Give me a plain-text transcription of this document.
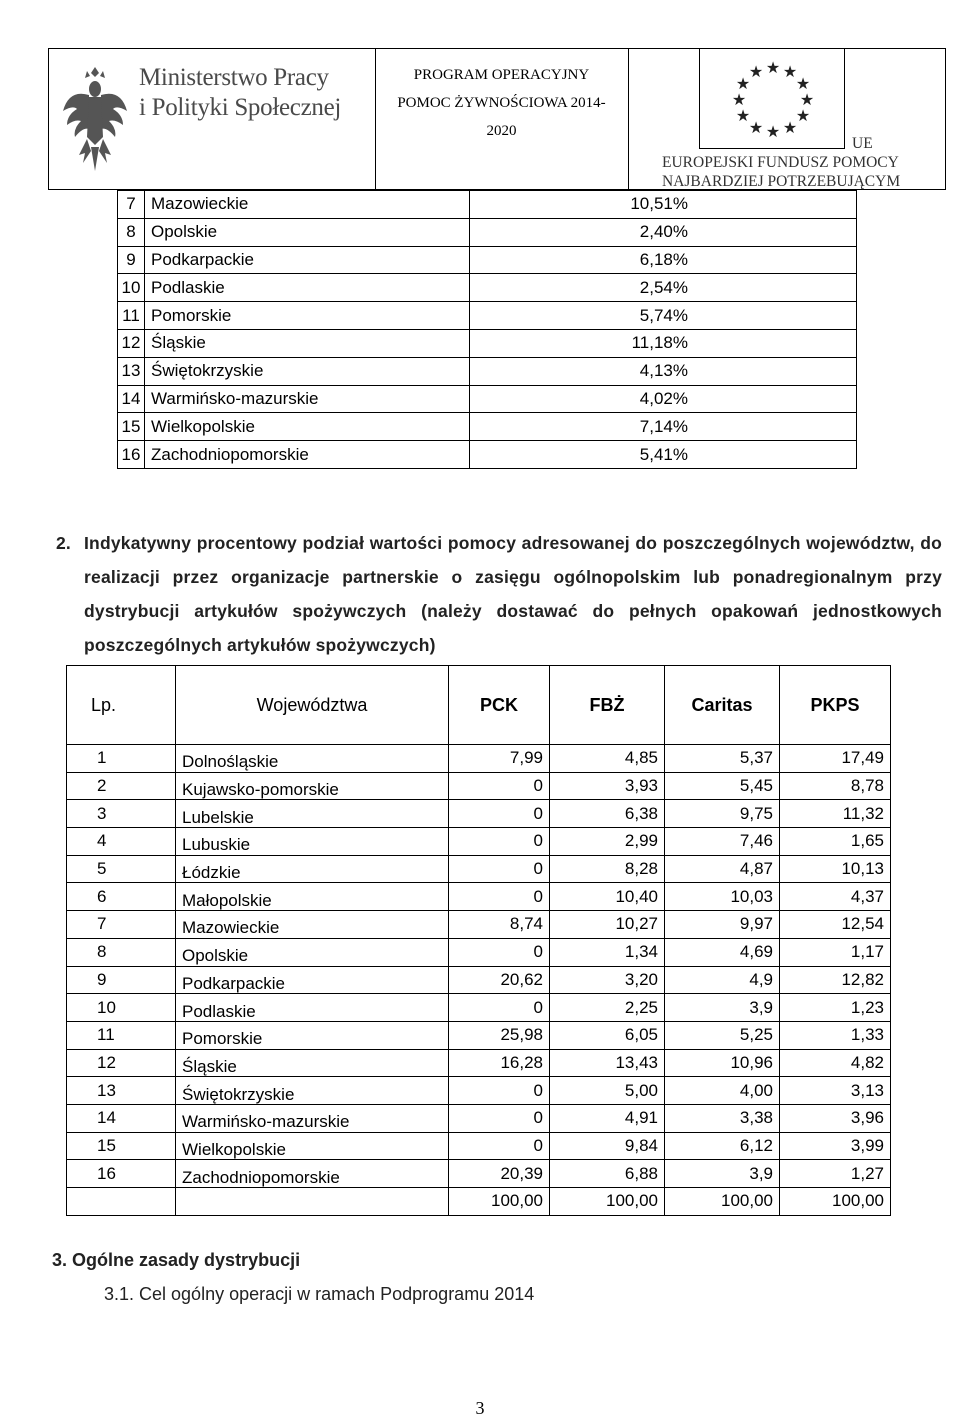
Ministerstwo Pracy
i Polityki Społecznej
PROGRAM OPERACYJNY
POMOC ŻYWNOŚCIOWA 2014-
2020
★ ★
★
★
★
★
★
★
★
★
★
★
UE
EUROPEJSKI FUNDUSZ POMOCY
NAJBARDZIEJ POTRZEBUJĄCYM
7	Mazowieckie	10,51%
8	Opolskie	2,40%
9	Podkarpackie	6,18%
10	Podlaskie	2,54%
11	Pomorskie	5,74%
12	Śląskie	11,18%
13	Świętokrzyskie	4,13%
14	Warmińsko-mazurskie	4,02%
15	Wielkopolskie	7,14%
16	Zachodniopomorskie	5,41%
2. Indykatywny procentowy podział wartości pomocy adresowanej do poszczególnych województw, do realizacji przez organizacje partnerskie o zasięgu ogólnopolskim lub ponadregionalnym przy dystrybucji artykułów spożywczych (należy dostawać do pełnych opakowań jednostkowych poszczególnych artykułów spożywczych)
Lp.	Województwa	PCK	FBŻ	Caritas	PKPS
1	Dolnośląskie	7,99	4,85	5,37	17,49
2	Kujawsko-pomorskie	0	3,93	5,45	8,78
3	Lubelskie	0	6,38	9,75	11,32
4	Lubuskie	0	2,99	7,46	1,65
5	Łódzkie	0	8,28	4,87	10,13
6	Małopolskie	0	10,40	10,03	4,37
7	Mazowieckie	8,74	10,27	9,97	12,54
8	Opolskie	0	1,34	4,69	1,17
9	Podkarpackie	20,62	3,20	4,9	12,82
10	Podlaskie	0	2,25	3,9	1,23
11	Pomorskie	25,98	6,05	5,25	1,33
12	Śląskie	16,28	13,43	10,96	4,82
13	Świętokrzyskie	0	5,00	4,00	3,13
14	Warmińsko-mazurskie	0	4,91	3,38	3,96
15	Wielkopolskie	0	9,84	6,12	3,99
16	Zachodniopomorskie	20,39	6,88	3,9	1,27
		100,00	100,00	100,00	100,00
3. Ogólne zasady dystrybucji
3.1. Cel ogólny operacji w ramach Podprogramu 2014
3
